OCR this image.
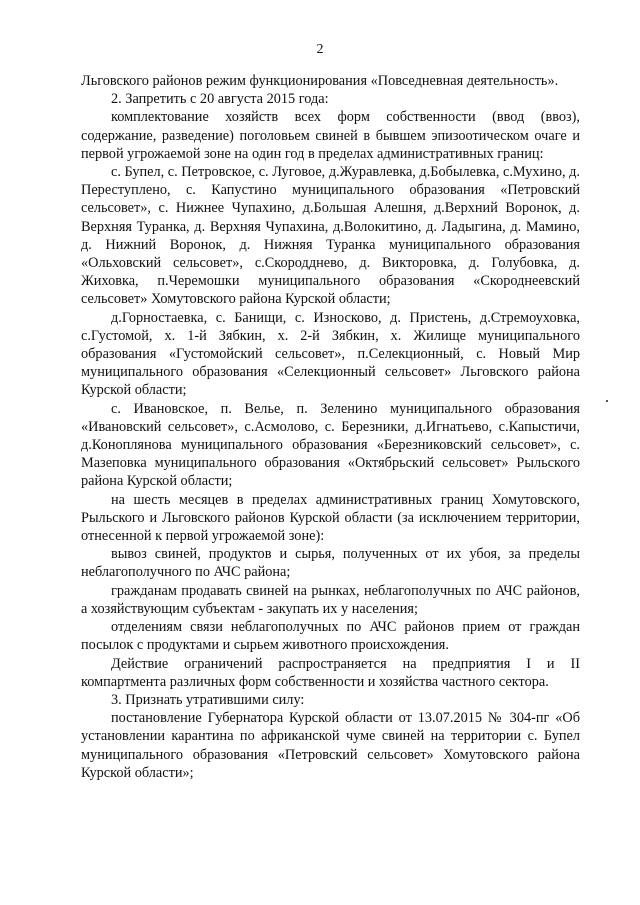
2

Льговского районов режим функционирования «Повседневная деятельность».

2. Запретить с 20 августа 2015 года:

комплектование хозяйств всех форм собственности (ввод (ввоз), содержание, разведение) поголовьем свиней в бывшем эпизоотическом очаге и первой угрожаемой зоне на один год в пределах административных границ:

с. Бупел, с. Петровское, с. Луговое, д.Журавлевка, д.Бобылевка, с.Мухино, д. Переступлено, с. Капустино муниципального образования «Петровский сельсовет», с. Нижнее Чупахино, д.Большая Алешня, д.Верхний Воронок, д. Верхняя Туранка, д. Верхняя Чупахина, д.Волокитино, д. Ладыгина, д. Мамино, д. Нижний Воронок, д. Нижняя Туранка муниципального образования «Ольховский сельсовет», с.Скородднево, д. Викторовка, д. Голубовка, д. Жиховка, п.Черемошки муниципального образования «Скороднеевский сельсовет» Хомутовского района Курской области;

д.Горностаевка, с. Банищи, с. Износково, д. Пристень, д.Стремоуховка, с.Густомой, х. 1-й Зябкин, х. 2-й Зябкин, х. Жилище муниципального образования «Густомойский сельсовет», п.Селекционный, с. Новый Мир муниципального образования «Селекционный сельсовет» Льговского района Курской области;

с. Ивановское, п. Велье, п. Зеленино муниципального образования «Ивановский сельсовет», с.Асмолово, с. Березники, д.Игнатьево, с.Капыстичи, д.Коноплянова муниципального образования «Березниковский сельсовет», с. Мазеповка муниципального образования «Октябрьский сельсовет» Рыльского района Курской области;

на шесть месяцев в пределах административных границ Хомутовского, Рыльского и Льговского районов Курской области (за исключением территории, отнесенной к первой угрожаемой зоне):

вывоз свиней, продуктов и сырья, полученных от их убоя, за пределы неблагополучного по АЧС района;

гражданам продавать свиней на рынках, неблагополучных по АЧС районов, а хозяйствующим субъектам - закупать их у населения;

отделениям связи неблагополучных по АЧС районов прием от граждан посылок с продуктами и сырьем животного происхождения.

Действие ограничений распространяется на предприятия I и II компартмента различных форм собственности и хозяйства частного сектора.

3. Признать утратившими силу:

постановление Губернатора Курской области от 13.07.2015 № 304-пг «Об установлении карантина по африканской чуме свиней на территории с. Бупел муниципального образования «Петровский сельсовет» Хомутовского района Курской области»;
